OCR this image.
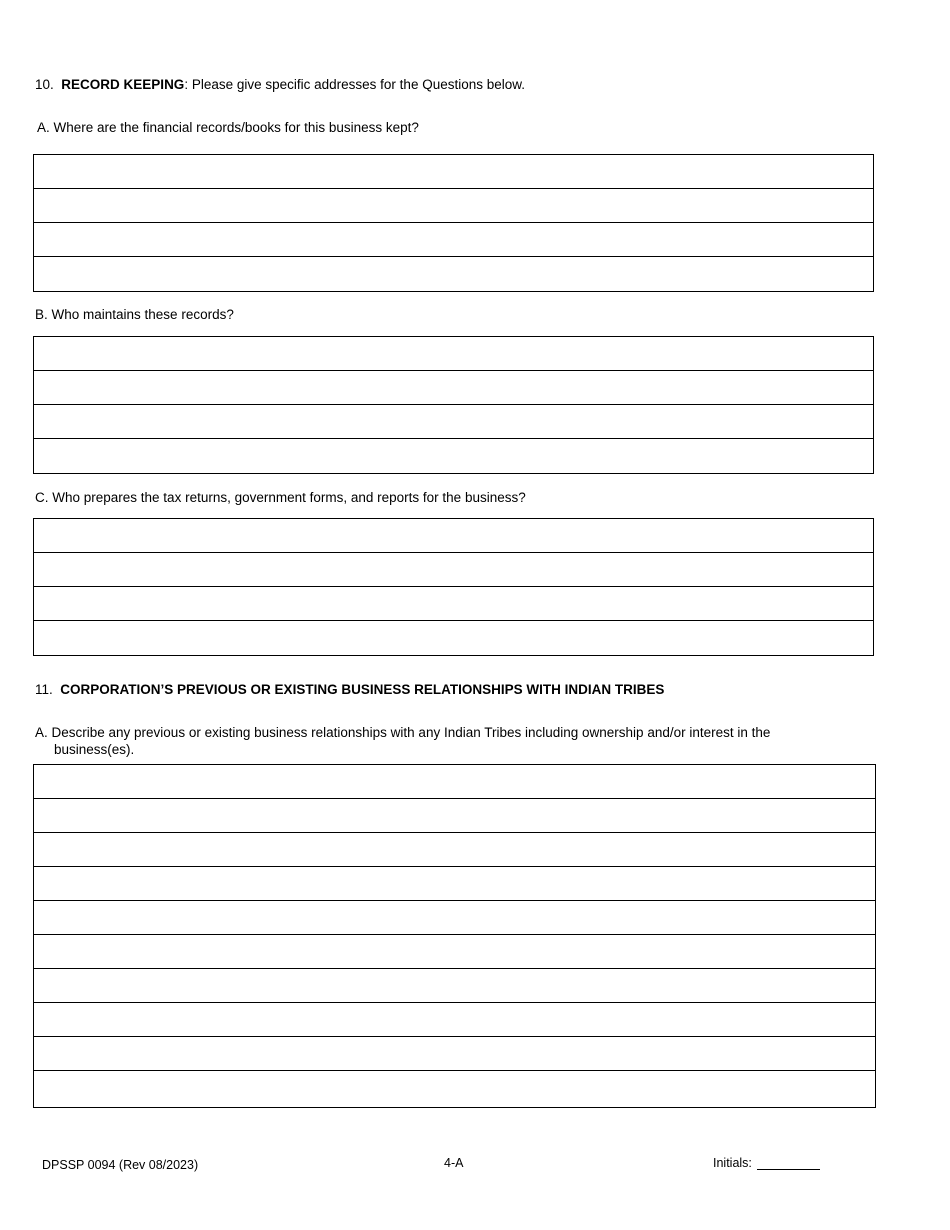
10. RECORD KEEPING: Please give specific addresses for the Questions below.
A. Where are the financial records/books for this business kept?
B. Who maintains these records?
C. Who prepares the tax returns, government forms, and reports for the business?
11. CORPORATION’S PREVIOUS OR EXISTING BUSINESS RELATIONSHIPS WITH INDIAN TRIBES
A. Describe any previous or existing business relationships with any Indian Tribes including ownership and/or interest in the
business(es).
DPSSP 0094 (Rev 08/2023)	4-A	Initials:
